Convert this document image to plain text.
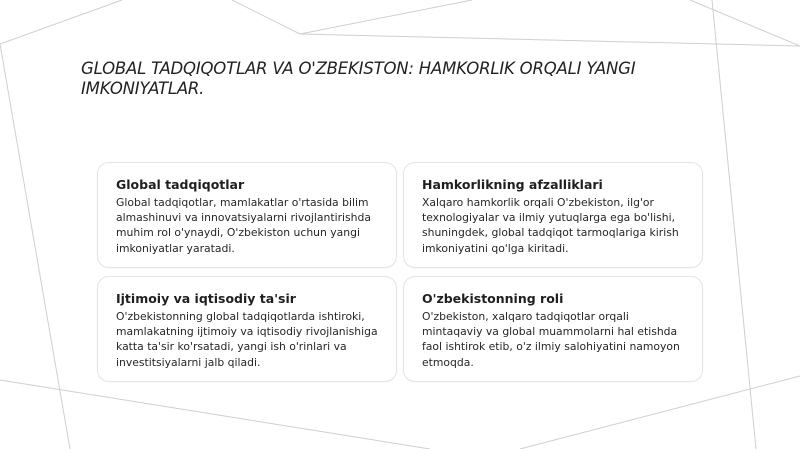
GLOBAL TADQIQOTLAR VA O'ZBEKISTON: HAMKORLIK ORQALI YANGI IMKONIYATLAR.
Global tadqiqotlar

Global tadqiqotlar, mamlakatlar o'rtasida bilim almashinuvi va innovatsiyalarni rivojlantirishda muhim rol o'ynaydi, O'zbekiston uchun yangi imkoniyatlar yaratadi.

Hamkorlikning afzalliklari

Xalqaro hamkorlik orqali O'zbekiston, ilg'or texnologiyalar va ilmiy yutuqlarga ega bo'lishi, shuningdek, global tadqiqot tarmoqlariga kirish imkoniyatini qo'lga kiritadi.

Ijtimoiy va iqtisodiy ta'sir

O'zbekistonning global tadqiqotlarda ishtiroki, mamlakatning ijtimoiy va iqtisodiy rivojlanishiga katta ta'sir ko'rsatadi, yangi ish o'rinlari va investitsiyalarni jalb qiladi.

O'zbekistonning roli

O'zbekiston, xalqaro tadqiqotlar orqali mintaqaviy va global muammolarni hal etishda faol ishtirok etib, o'z ilmiy salohiyatini namoyon etmoqda.
